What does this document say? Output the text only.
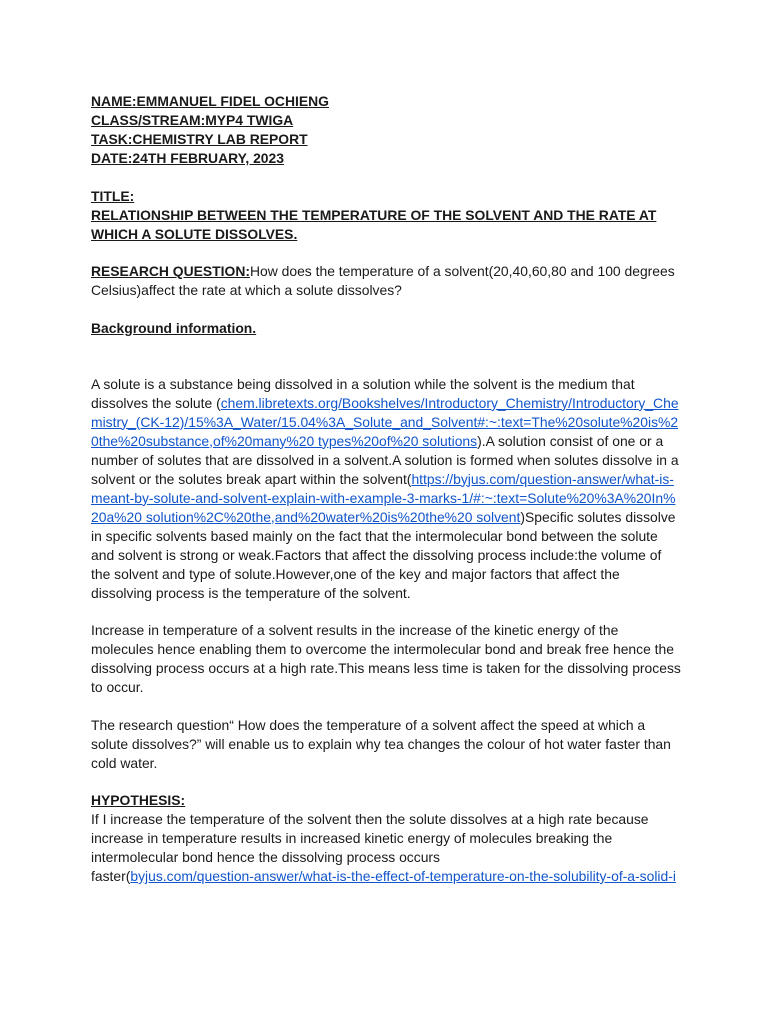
NAME:EMMANUEL FIDEL OCHIENG
CLASS/STREAM:MYP4 TWIGA
TASK:CHEMISTRY LAB REPORT
DATE:24TH FEBRUARY, 2023
TITLE:

RELATIONSHIP BETWEEN THE TEMPERATURE OF THE SOLVENT AND THE RATE AT WHICH A SOLUTE DISSOLVES.

RESEARCH QUESTION:How does the temperature of a solvent(20,40,60,80 and 100 degrees Celsius)affect the rate at which a solute dissolves?

Background information.

A solute is a substance being dissolved in a solution while the solvent is the medium that dissolves the solute (chem.libretexts.org/Bookshelves/Introductory_Chemistry/Introductory_Chemistry_(CK-12)/15%3A_Water/15.04%3A_Solute_and_Solvent#:~:text=The%20solute%20is%20the%20substance,of%20many%20 types%20of%20 solutions).A solution consist of one or a number of solutes that are dissolved in a solvent.A solution is formed when solutes dissolve in a solvent or the solutes break apart within the solvent(https://byjus.com/question-answer/what-is-meant-by-solute-and-solvent-explain-with-example-3-marks-1/#:~:text=Solute%20%3A%20In%20a%20 solution%2C%20the,and%20water%20is%20the%20 solvent)Specific solutes dissolve in specific solvents based mainly on the fact that the intermolecular bond between the solute and solvent is strong or weak.Factors that affect the dissolving process include:the volume of the solvent and type of solute.However,one of the key and major factors that affect the dissolving process is the temperature of the solvent.

Increase in temperature of a solvent results in the increase of the kinetic energy of the molecules hence enabling them to overcome the intermolecular bond and break free hence the dissolving process occurs at a high rate.This means less time is taken for the dissolving process to occur.

The research question“ How does the temperature of a solvent affect the speed at which a solute dissolves?” will enable us to explain why tea changes the colour of hot water faster than cold water.

HYPOTHESIS:

If I increase the temperature of the solvent then the solute dissolves at a high rate because increase in temperature results in increased kinetic energy of molecules breaking the intermolecular bond hence the dissolving process occurs faster(byjus.com/question-answer/what-is-the-effect-of-temperature-on-the-solubility-of-a-solid-i
